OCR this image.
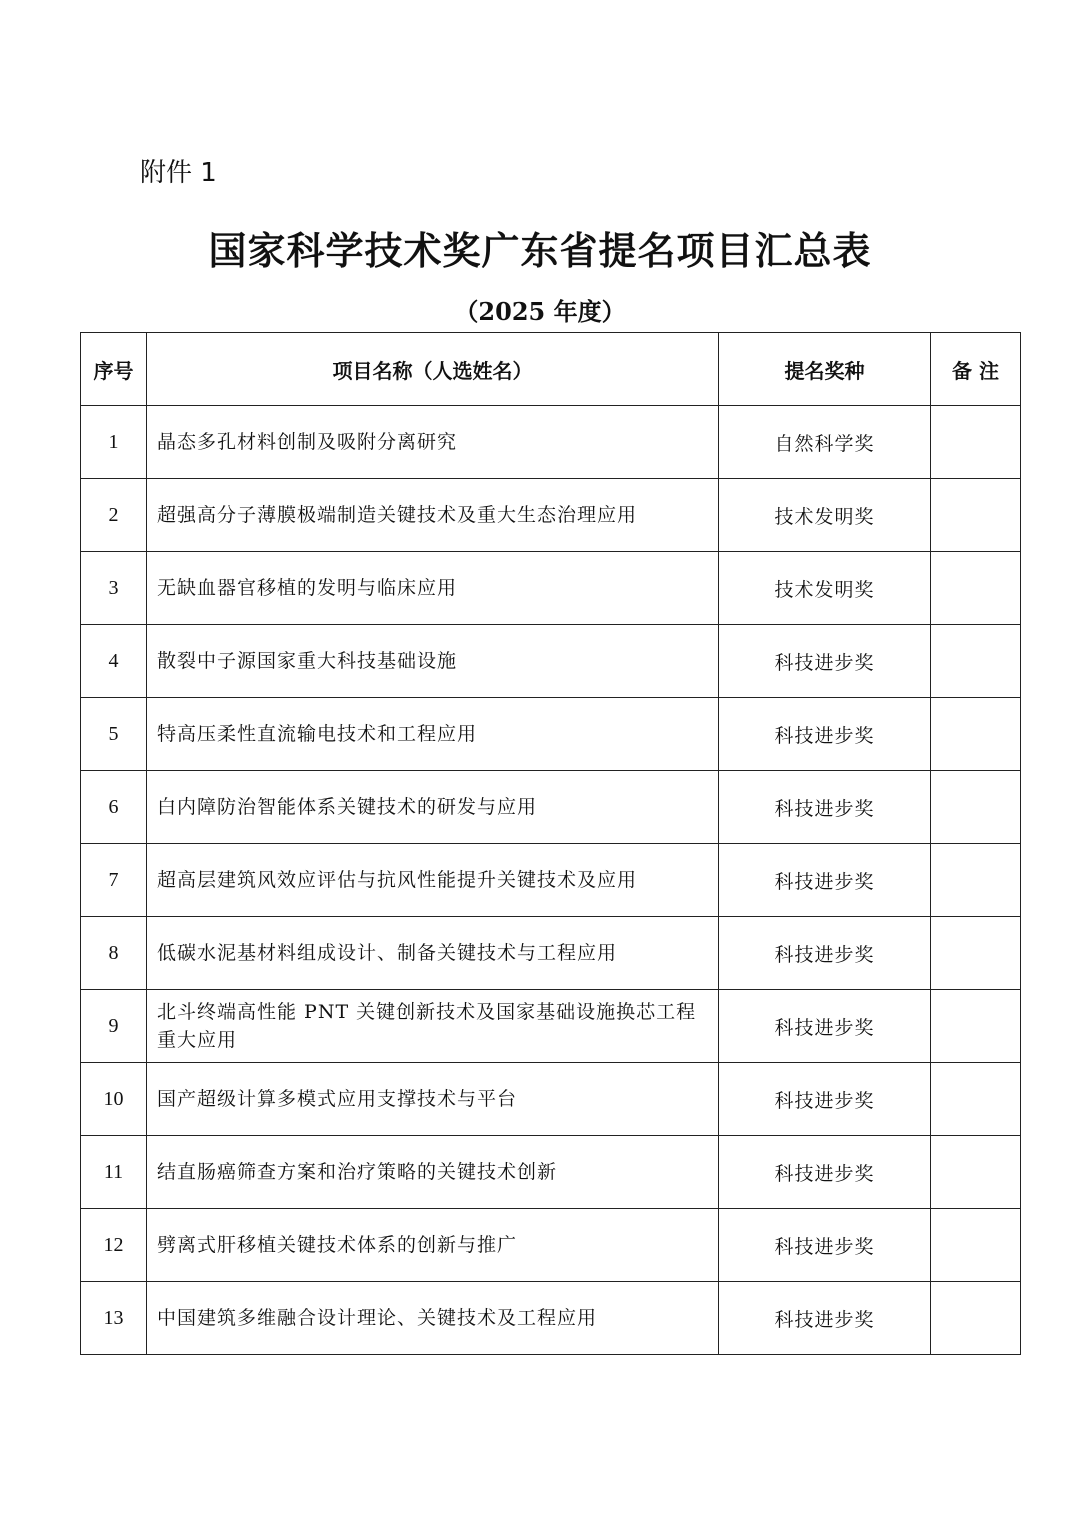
附件 1
国家科学技术奖广东省提名项目汇总表
（2025 年度）
序号	项目名称（人选姓名）	提名奖种	备 注
1	晶态多孔材料创制及吸附分离研究	自然科学奖	
2	超强高分子薄膜极端制造关键技术及重大生态治理应用	技术发明奖	
3	无缺血器官移植的发明与临床应用	技术发明奖	
4	散裂中子源国家重大科技基础设施	科技进步奖	
5	特高压柔性直流输电技术和工程应用	科技进步奖	
6	白内障防治智能体系关键技术的研发与应用	科技进步奖	
7	超高层建筑风效应评估与抗风性能提升关键技术及应用	科技进步奖	
8	低碳水泥基材料组成设计、制备关键技术与工程应用	科技进步奖	
9	北斗终端高性能 PNT 关键创新技术及国家基础设施换芯工程重大应用	科技进步奖	
10	国产超级计算多模式应用支撑技术与平台	科技进步奖	
11	结直肠癌筛查方案和治疗策略的关键技术创新	科技进步奖	
12	劈离式肝移植关键技术体系的创新与推广	科技进步奖	
13	中国建筑多维融合设计理论、关键技术及工程应用	科技进步奖	
